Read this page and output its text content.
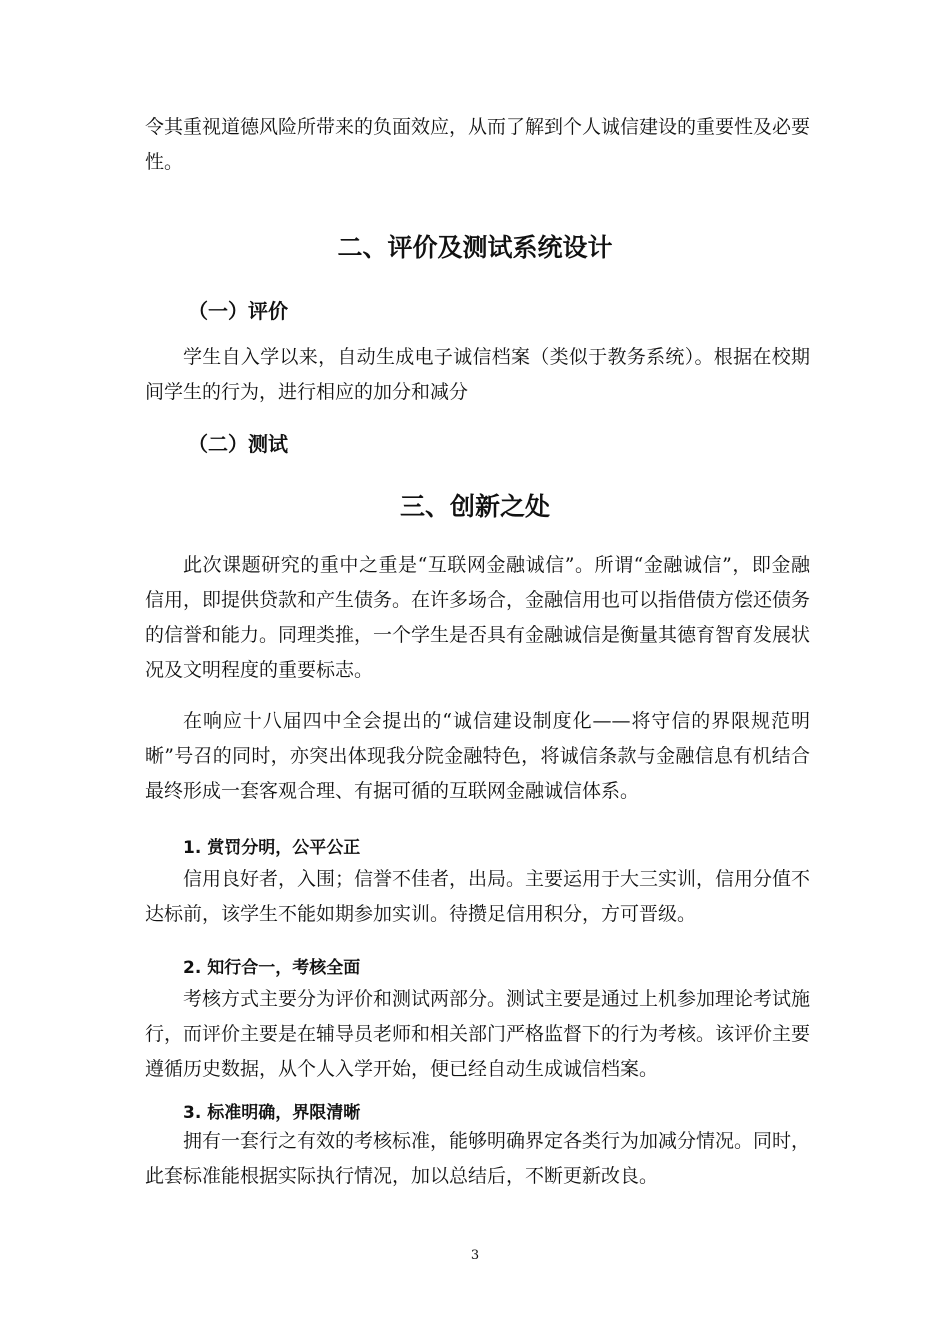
令其重视道德风险所带来的负面效应，从而了解到个人诚信建设的重要性及必要性。

二、评价及测试系统设计
（一）评价

学生自入学以来，自动生成电子诚信档案（类似于教务系统）。根据在校期间学生的行为，进行相应的加分和减分

（二）测试
三、创新之处

此次课题研究的重中之重是“互联网金融诚信”。所谓“金融诚信”，即金融信用，即提供贷款和产生债务。在许多场合，金融信用也可以指借债方偿还债务的信誉和能力。同理类推，一个学生是否具有金融诚信是衡量其德育智育发展状况及文明程度的重要标志。

在响应十八届四中全会提出的“诚信建设制度化——将守信的界限规范明晰”号召的同时，亦突出体现我分院金融特色，将诚信条款与金融信息有机结合最终形成一套客观合理、有据可循的互联网金融诚信体系。

1. 赏罚分明，公平公正

信用良好者，入围；信誉不佳者，出局。主要运用于大三实训，信用分值不达标前，该学生不能如期参加实训。待攒足信用积分，方可晋级。

2. 知行合一，考核全面

考核方式主要分为评价和测试两部分。测试主要是通过上机参加理论考试施行，而评价主要是在辅导员老师和相关部门严格监督下的行为考核。该评价主要遵循历史数据，从个人入学开始，便已经自动生成诚信档案。

3. 标准明确，界限清晰

拥有一套行之有效的考核标准，能够明确界定各类行为加减分情况。同时，此套标准能根据实际执行情况，加以总结后，不断更新改良。

3
